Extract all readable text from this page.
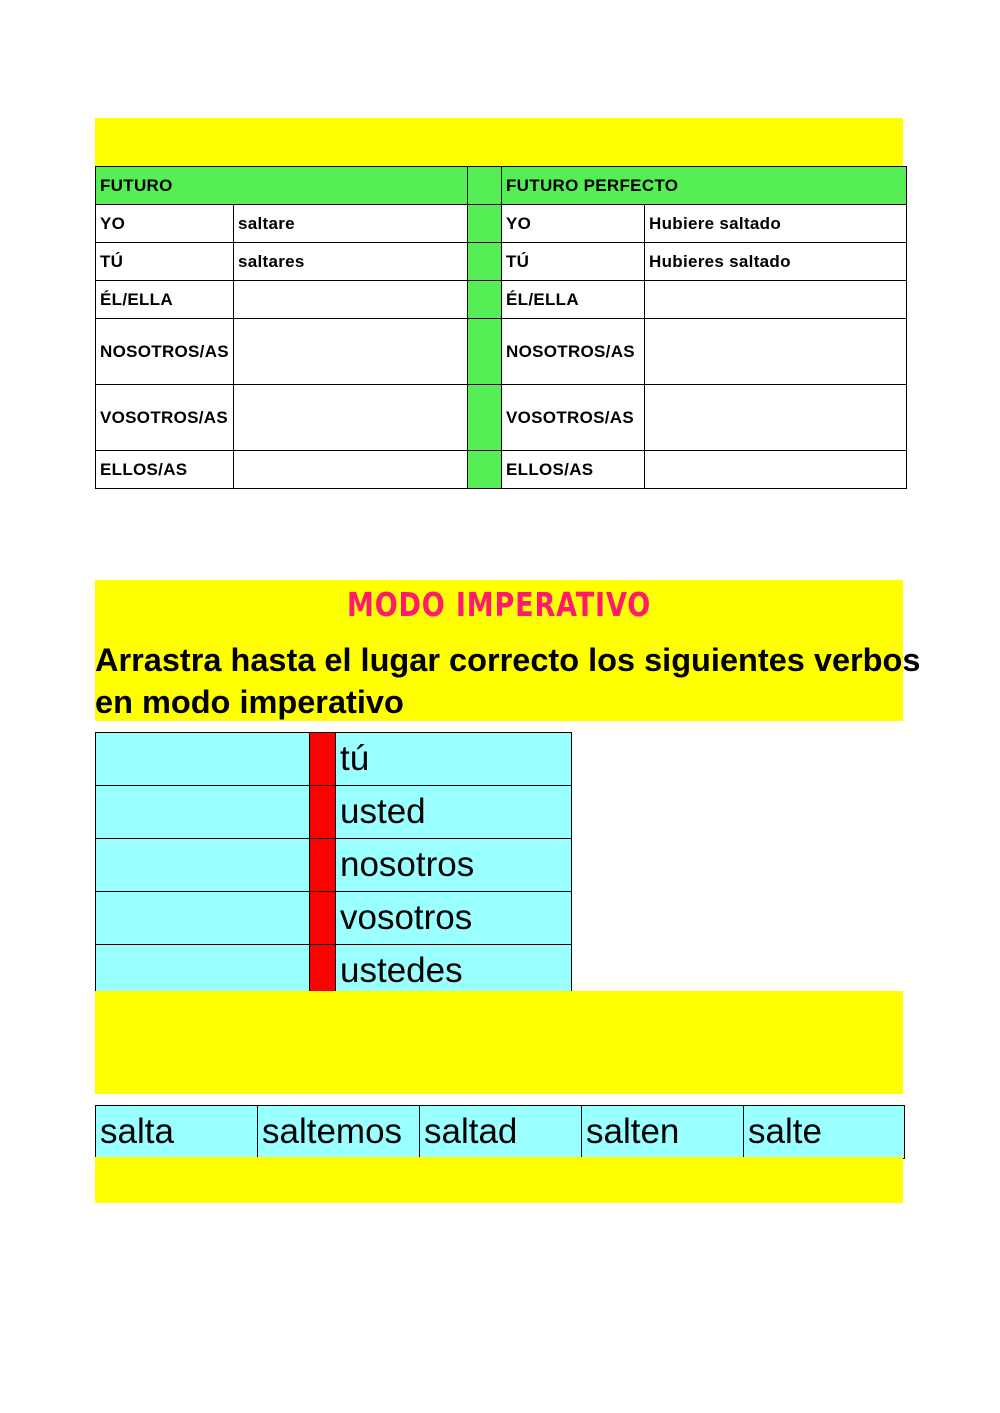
FUTURO			FUTURO PERFECTO	
YO	saltare		YO	Hubiere saltado
TÚ	saltares		TÚ	Hubieres saltado
ÉL/ELLA			ÉL/ELLA	
NOSOTROS/AS			NOSOTROS/AS	
VOSOTROS/AS			VOSOTROS/AS	
ELLOS/AS			ELLOS/AS	
MODO IMPERATIVO
Arrastra hasta el lugar correcto los siguientes verbos en modo imperativo
		tú
		usted
		nosotros
		vosotros
		ustedes
salta	saltemos	saltad	salten	salte
